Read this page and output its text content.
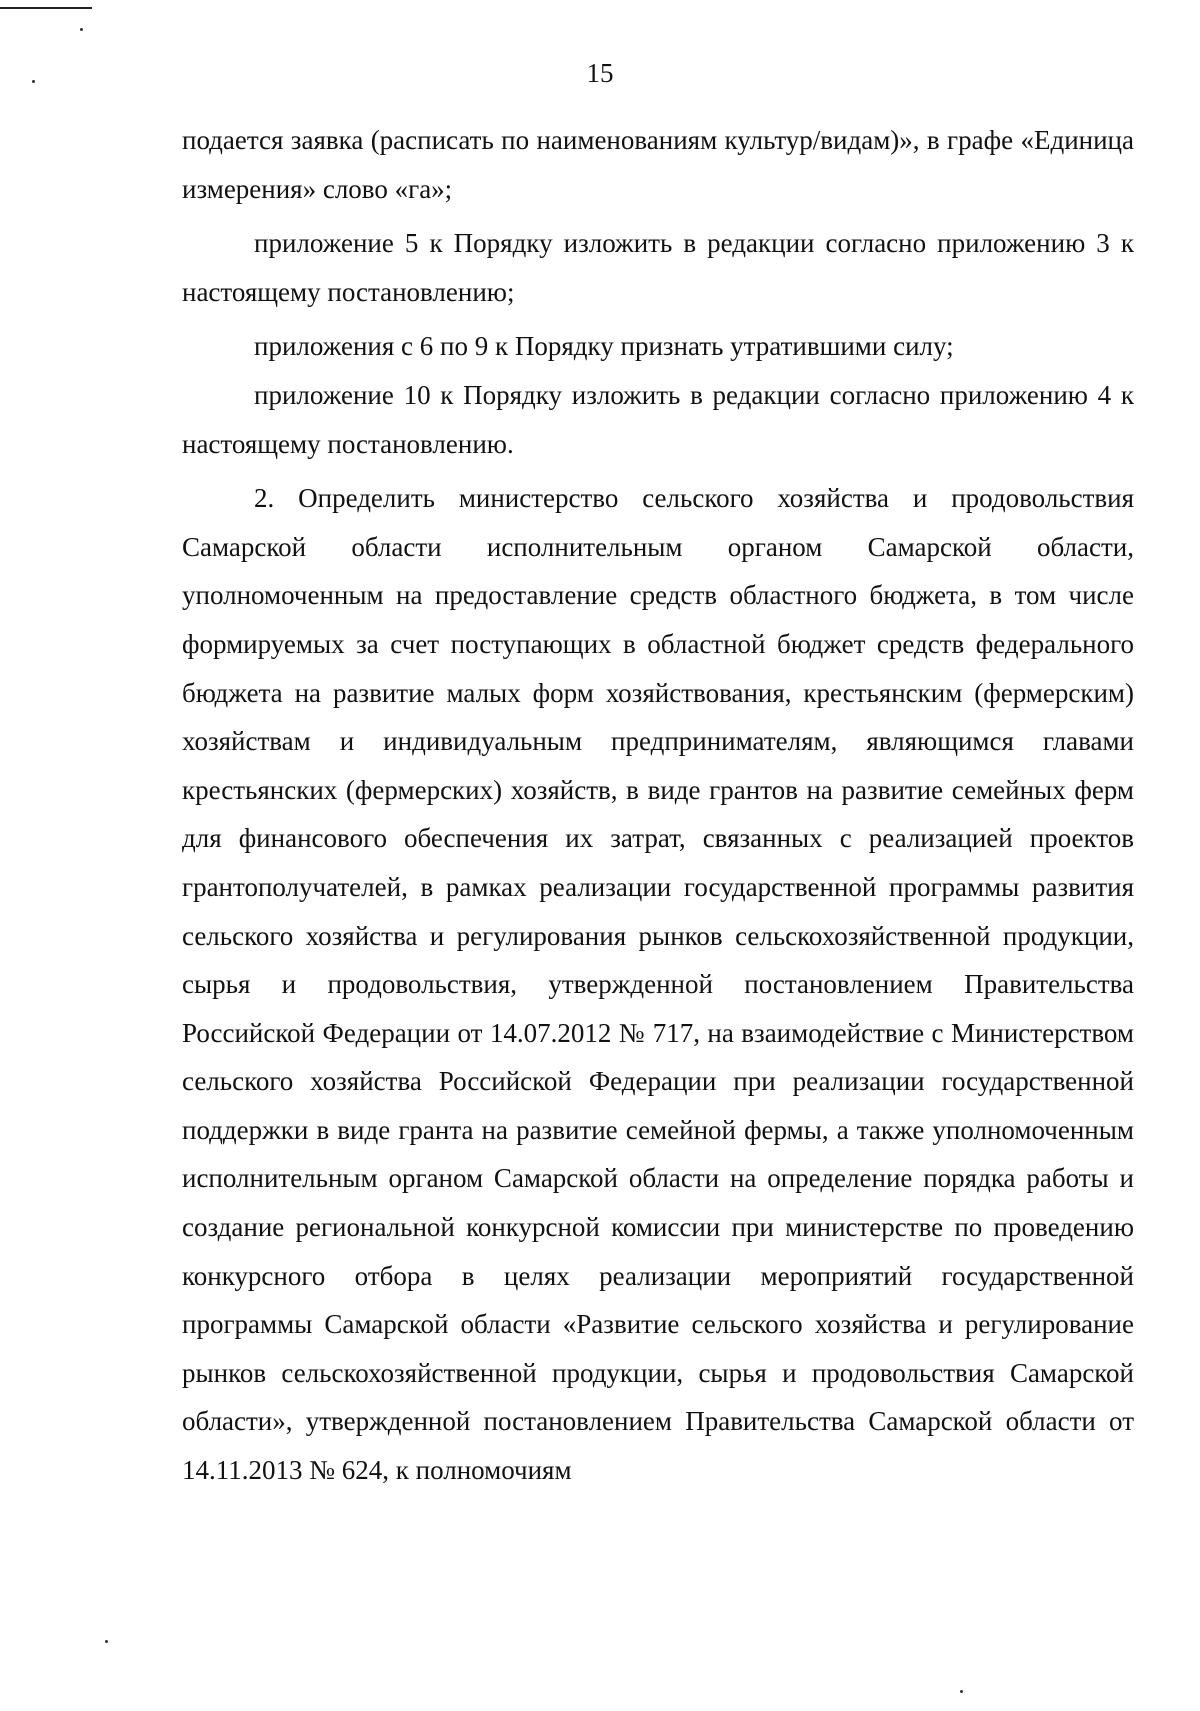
15

подается заявка (расписать по наименованиям культур/видам)», в графе «Единица измерения» слово «га»;

приложение 5 к Порядку изложить в редакции согласно приложению 3 к настоящему постановлению;

приложения с 6 по 9 к Порядку признать утратившими силу;

приложение 10 к Порядку изложить в редакции согласно приложению 4 к настоящему постановлению.

2. Определить министерство сельского хозяйства и продовольствия Самарской области исполнительным органом Самарской области, уполномоченным на предоставление средств областного бюджета, в том числе формируемых за счет поступающих в областной бюджет средств федерального бюджета на развитие малых форм хозяйствования, крестьянским (фермерским) хозяйствам и индивидуальным предпринимателям, являющимся главами крестьянских (фермерских) хозяйств, в виде грантов на развитие семейных ферм для финансового обеспечения их затрат, связанных с реализацией проектов грантополучателей, в рамках реализации государственной программы развития сельского хозяйства и регулирования рынков сельскохозяйственной продукции, сырья и продовольствия, утвержденной постановлением Правительства Российской Федерации от 14.07.2012 № 717, на взаимодействие с Министерством сельского хозяйства Российской Федерации при реализации государственной поддержки в виде гранта на развитие семейной фермы, а также уполномоченным исполнительным органом Самарской области на определение порядка работы и создание региональной конкурсной комиссии при министерстве по проведению конкурсного отбора в целях реализации мероприятий государственной программы Самарской области «Развитие сельского хозяйства и регулирование рынков сельскохозяйственной продукции, сырья и продовольствия Самарской области», утвержденной постановлением Правительства Самарской области от 14.11.2013 № 624, к полномочиям
